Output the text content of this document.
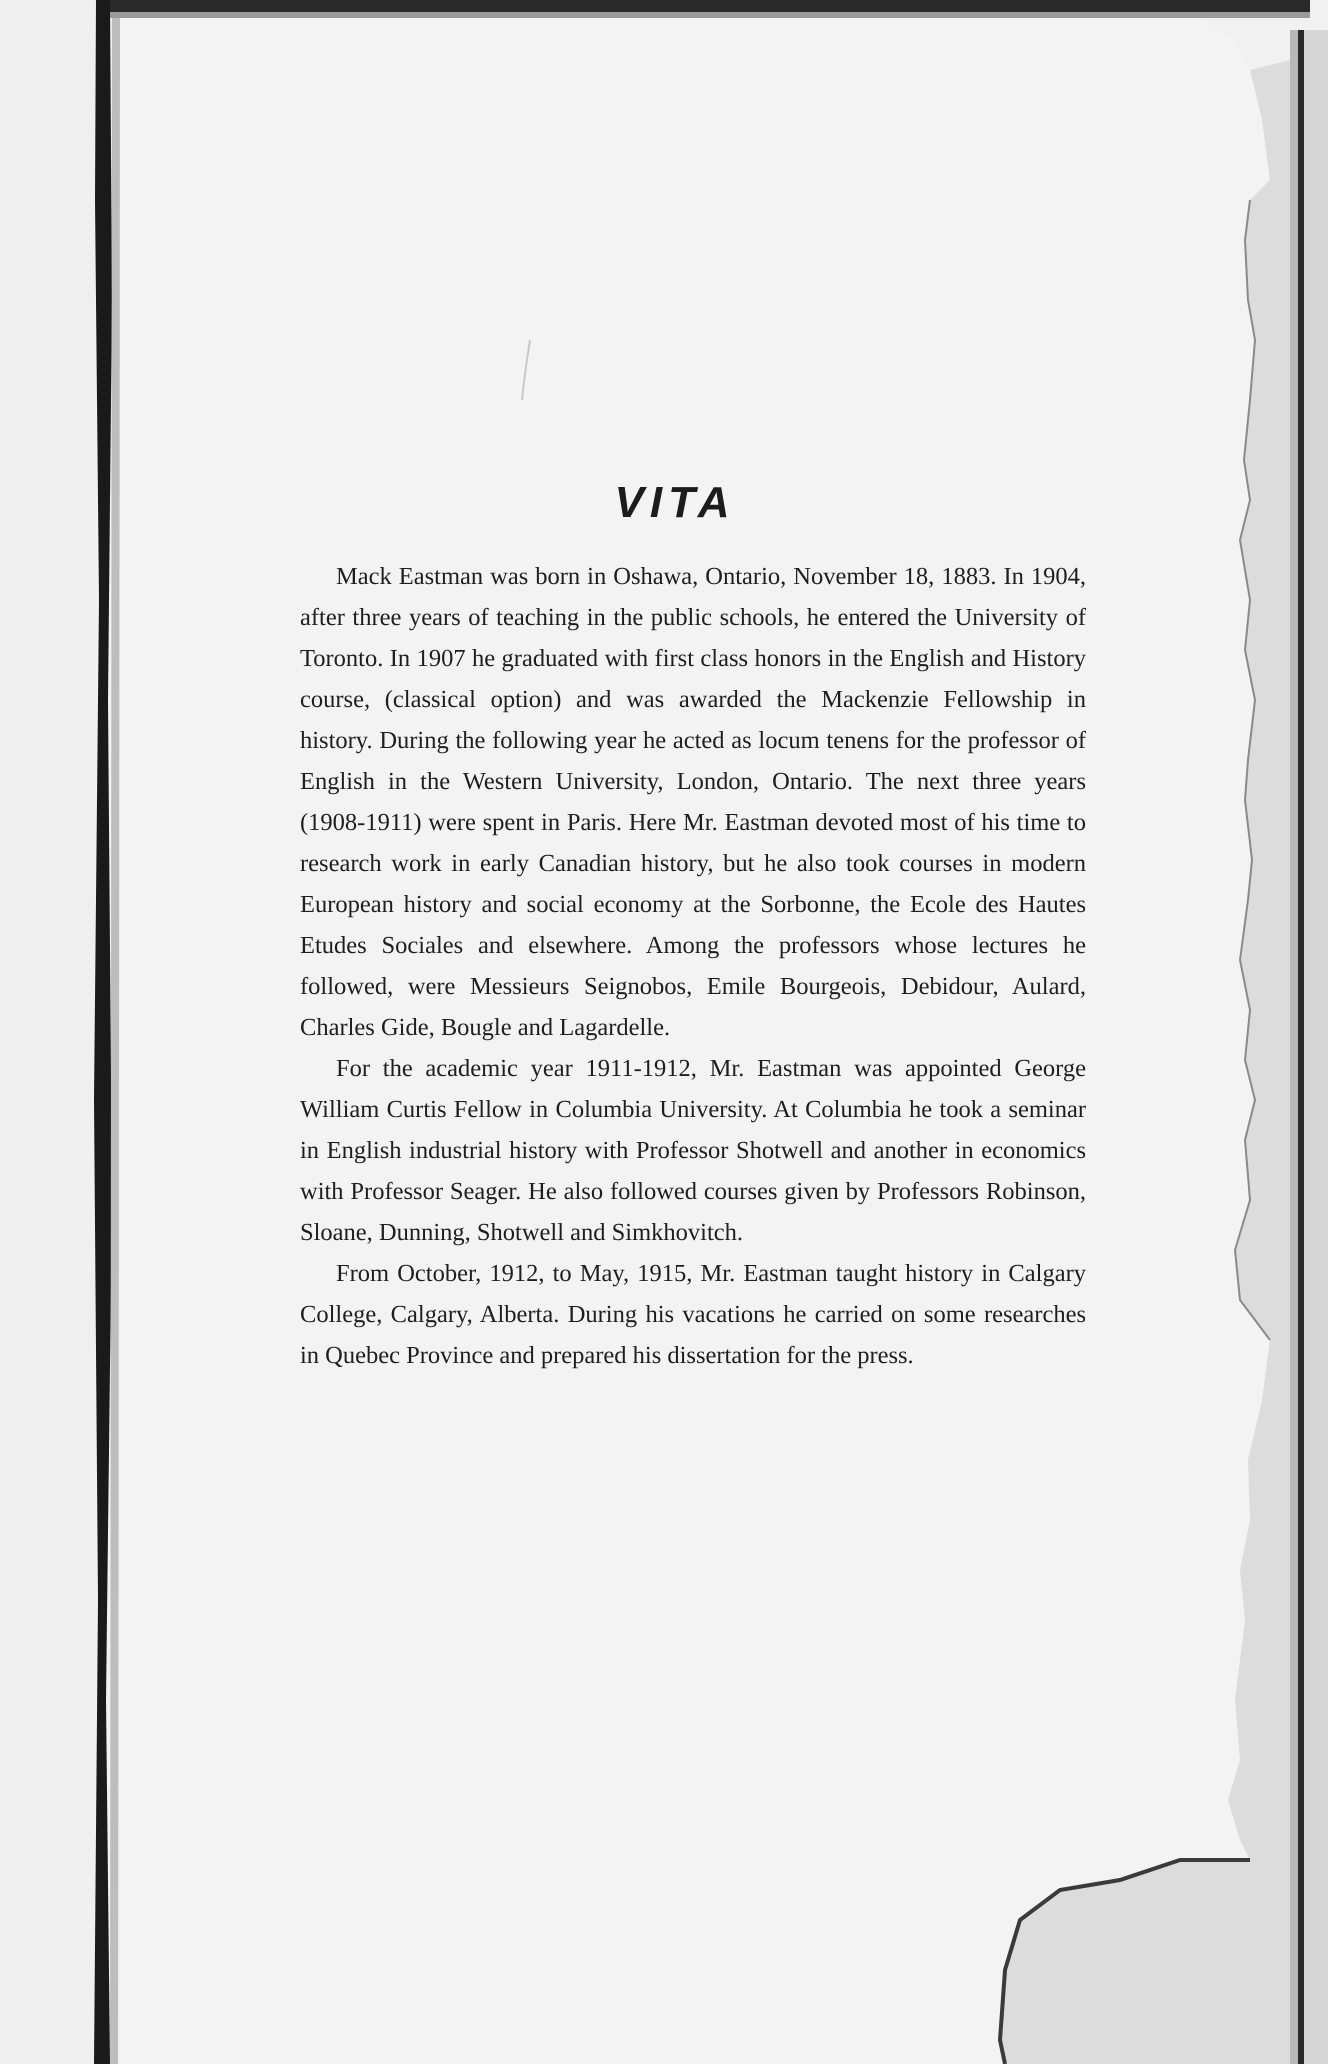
VITA

Mack Eastman was born in Oshawa, Ontario, November 18, 1883. In 1904, after three years of teaching in the public schools, he entered the University of Toronto. In 1907 he graduated with first class honors in the English and History course, (classical option) and was awarded the Mackenzie Fellowship in history. During the following year he acted as locum tenens for the professor of English in the Western University, London, Ontario. The next three years (1908-1911) were spent in Paris. Here Mr. Eastman devoted most of his time to research work in early Canadian history, but he also took courses in modern European history and social economy at the Sorbonne, the Ecole des Hautes Etudes Sociales and elsewhere. Among the professors whose lectures he followed, were Messieurs Seignobos, Emile Bourgeois, Debidour, Aulard, Charles Gide, Bougle and Lagardelle.

For the academic year 1911-1912, Mr. Eastman was appointed George William Curtis Fellow in Columbia University. At Columbia he took a seminar in English industrial history with Professor Shotwell and another in economics with Professor Seager. He also followed courses given by Professors Robinson, Sloane, Dunning, Shotwell and Simkhovitch.

From October, 1912, to May, 1915, Mr. Eastman taught history in Calgary College, Calgary, Alberta. During his vacations he carried on some researches in Quebec Province and prepared his dissertation for the press.
